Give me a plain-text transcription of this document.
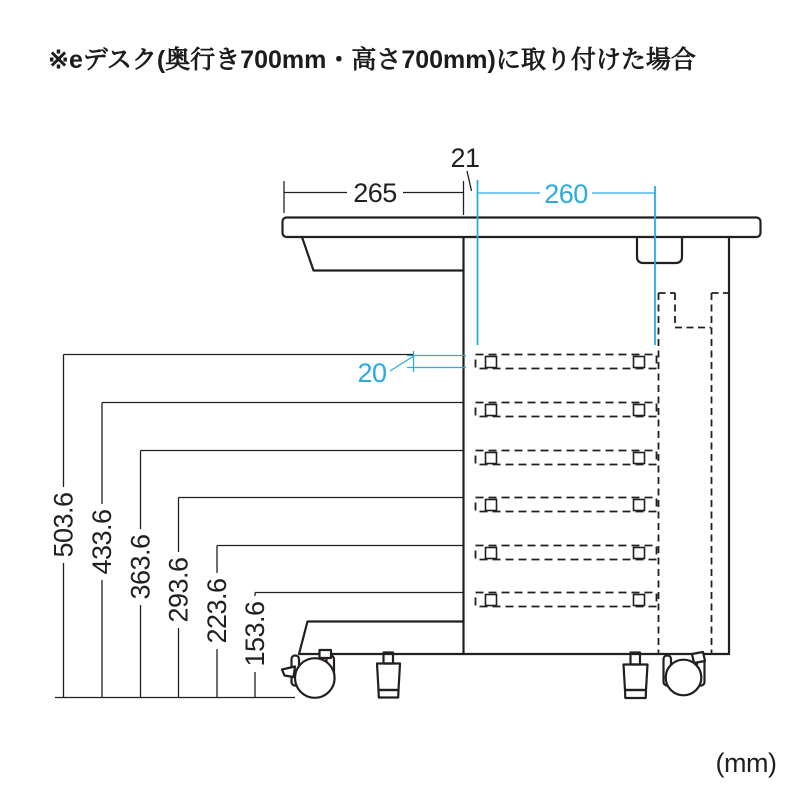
※eデスク(奥行き700mm・高さ700mm)に取り付けた場合
265
21
260
20
503.6 433.6 363.6 293.6 223.6 153.6
(mm)
